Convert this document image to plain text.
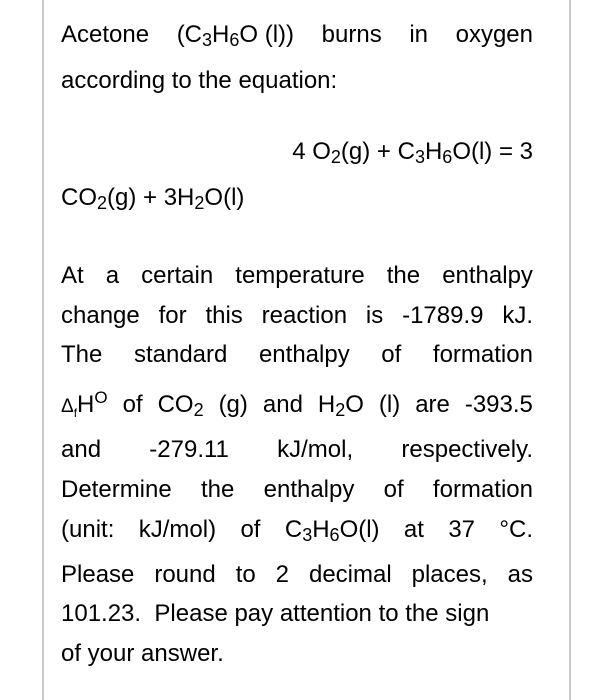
Acetone ($C_3H_6O$ (l)) burns in oxygen
according to the equation:
4 $O_2(g) + C_3H_6O(l) = 3$
$CO_2(g) + 3H_2O(l)$
At a certain temperature the enthalpy
change for this reaction is -1789.9 kJ.
The standard enthalpy of formation
$\Delta_fH^O$ of $CO_2$ (g) and $H_2O$ (l) are -393.5
and -279.11 kJ/mol, respectively.
Determine the enthalpy of formation
(unit: kJ/mol) of $C_3H_6O(l)$ at 37 °C.
Please round to 2 decimal places, as
101.23.  Please pay attention to the sign
of your answer.
